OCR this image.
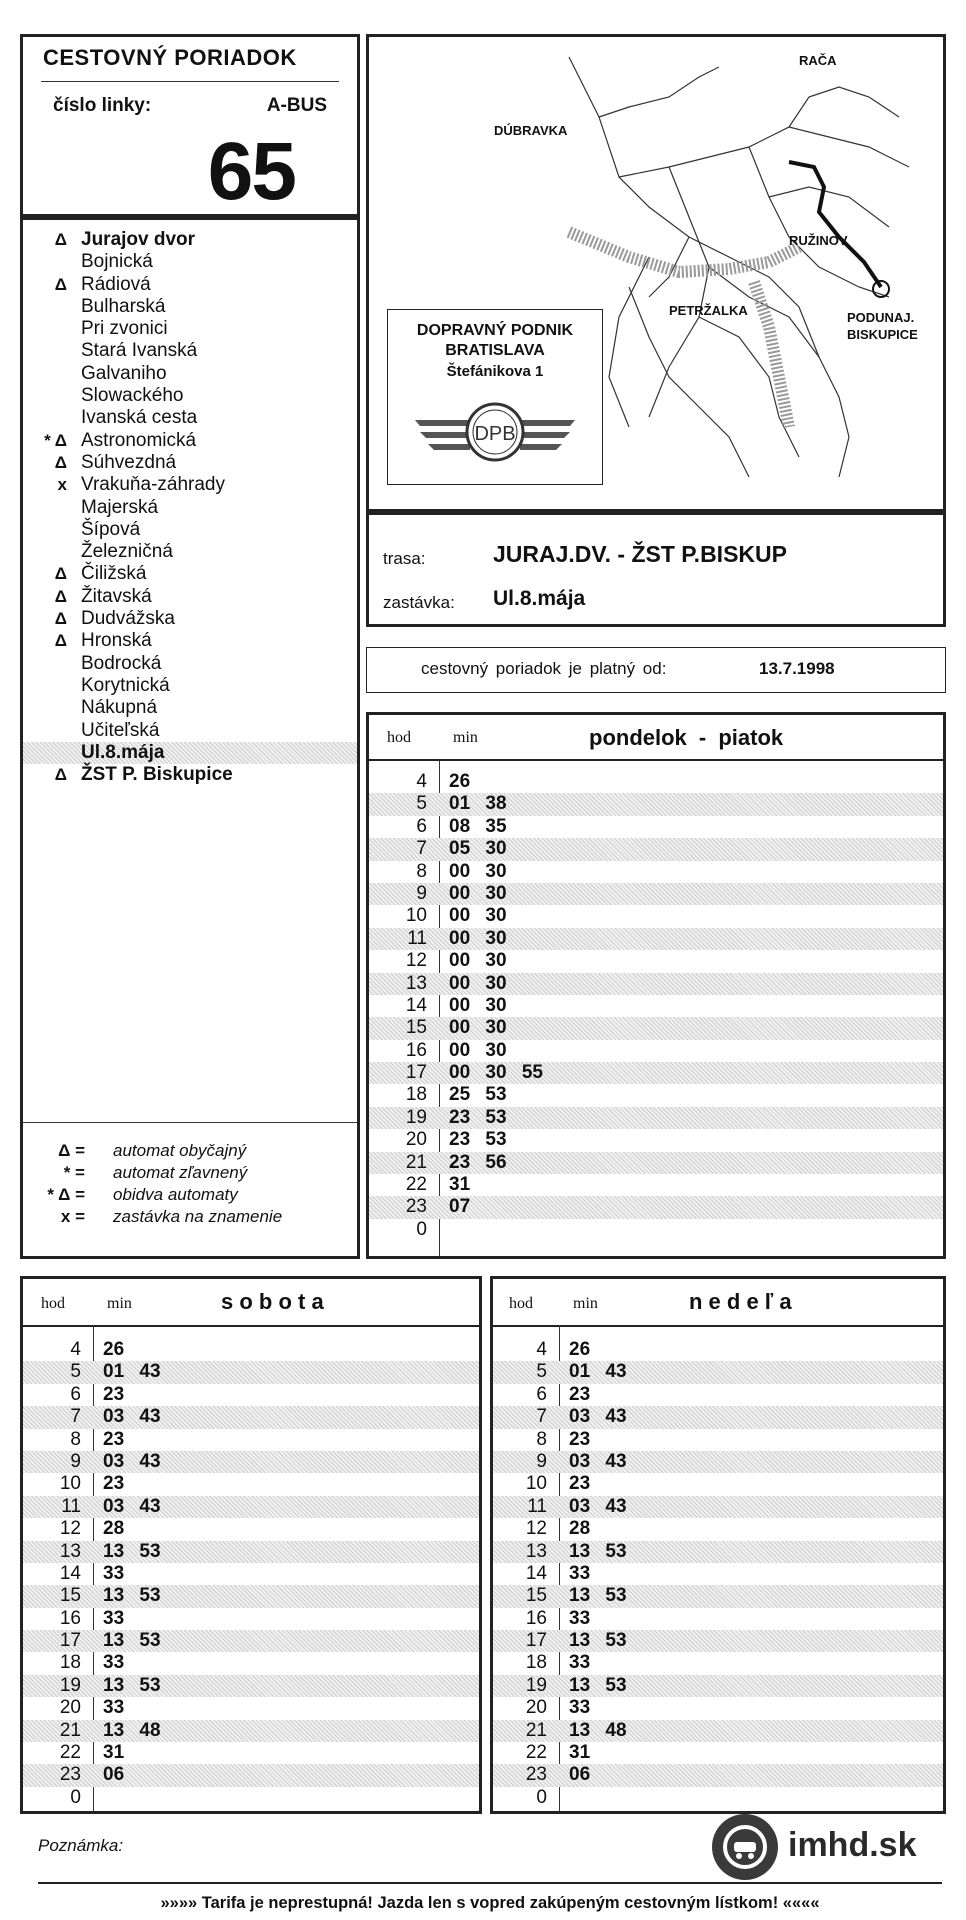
CESTOVNÝ PORIADOK
číslo linky:	A-BUS
65
Δ Jurajov dvor
Bojnická
Δ Rádiová
Bulharská
Pri zvonici
Stará Ivanská
Galvaniho
Slowackého
Ivanská cesta
* Δ Astronomická
Δ Súhvezdná
x Vrakuňa-záhrady
Majerská
Šípová
Železničná
Δ Čiližská
Δ Žitavská
Δ Dudvážska
Δ Hronská
Bodrocká
Korytnická
Nákupná
Učiteľská
Ul.8.mája
Δ ŽST P. Biskupice
Δ = automat obyčajný
* = automat zľavnený
* Δ = obidva automaty
x = zastávka na znamenie
RAČA
DÚBRAVKA
RUŽINOV
PETRŽALKA	PODUNAJ.
BISKUPICE
DOPRAVNÝ PODNIK
BRATISLAVA
Štefánikova 1
DPB
trasa:	JURAJ.DV. - ŽST P.BISKUP
zastávka: Ul.8.mája
cestovný poriadok je platný od:	13.7.1998
hod	min	pondelok - piatok
4 26
5 01 38
6 08 35
7 05 30
8 00 30
9 00 30
10 00 30
11 00 30
12 00 30
13 00 30
14 00 30
15 00 30
16 00 30
17 00 30 55
18 25 53
19 23 53
20 23 53
21 23 56
22 31
23 07
0
hod	min	s o b o t a
4 26
5 01 43
6 23
7 03 43
8 23
9 03 43
10 23
11 03 43
12 28
13 13 53
14 33
15 13 53
16 33
17 13 53
18 33
19 13 53
20 33
21 13 48
22 31
23 06
0
hod	min	n e d e ľ a
4 26
5 01 43
6 23
7 03 43
8 23
9 03 43
10 23
11 03 43
12 28
13 13 53
14 33
15 13 53
16 33
17 13 53
18 33
19 13 53
20 33
21 13 48
22 31
23 06
0
Poznámka:	imhd.sk
»»»» Tarifa je neprestupná! Jazda len s vopred zakúpeným cestovným lístkom! ««««
